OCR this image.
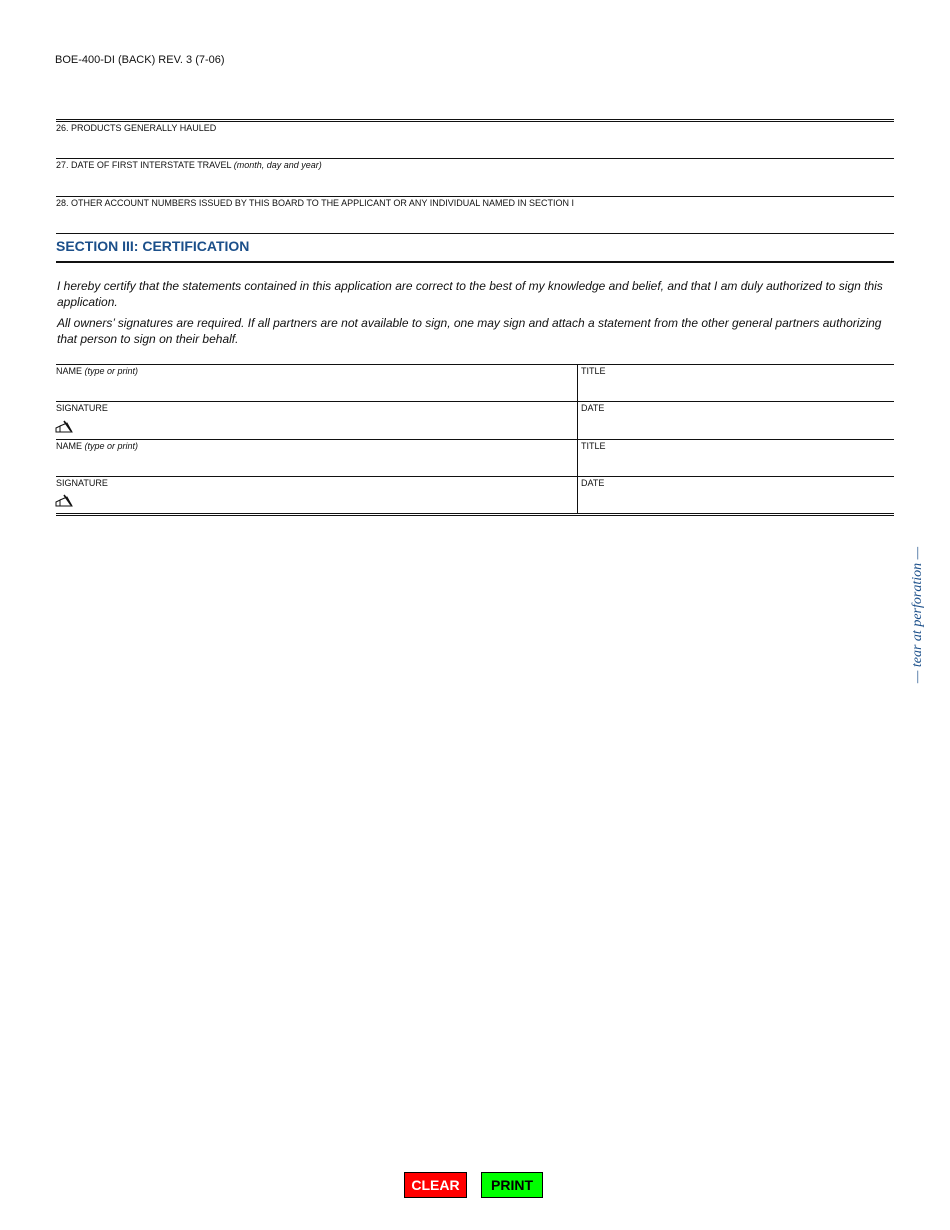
BOE-400-DI (BACK) REV. 3 (7-06)
26. PRODUCTS GENERALLY HAULED
27. DATE OF FIRST INTERSTATE TRAVEL (month, day and year)
28. OTHER ACCOUNT NUMBERS ISSUED BY THIS BOARD TO THE APPLICANT OR ANY INDIVIDUAL NAMED IN SECTION I
SECTION III: CERTIFICATION
I hereby certify that the statements contained in this application are correct to the best of my knowledge and belief, and that I am duly authorized to sign this application.
All owners’ signatures are required. If all partners are not available to sign, one may sign and attach a statement from the other general partners authorizing that person to sign on their behalf.
NAME (type or print)	TITLE
SIGNATURE	DATE
NAME (type or print)	TITLE
SIGNATURE	DATE
— tear at perforation —
CLEAR	PRINT
